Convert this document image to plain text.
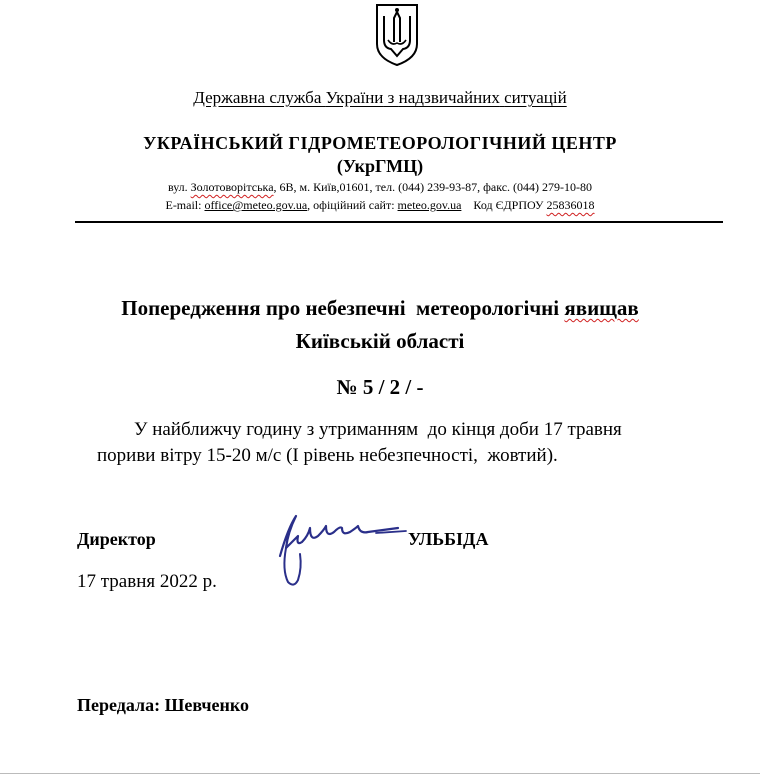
Державна служба України з надзвичайних ситуацій
УКРАЇНСЬКИЙ ГІДРОМЕТЕОРОЛОГІЧНИЙ ЦЕНТР
(УкрГМЦ)
вул. Золотоворітська, 6В, м. Київ,01601, тел. (044) 239-93-87, факс. (044) 279-10-80
E-mail: office@meteo.gov.ua, офіційний сайт: meteo.gov.ua    Код ЄДРПОУ 25836018
Попередження про небезпечні  метеорологічні явищав
Київській області
№ 5 / 2 / -
У найближчу годину з утриманням  до кінця доби 17 травня
пориви вітру 15-20 м/с (І рівень небезпечності,  жовтий).
Директор	УЛЬБІДА
17 травня 2022 р.
Передала: Шевченко
